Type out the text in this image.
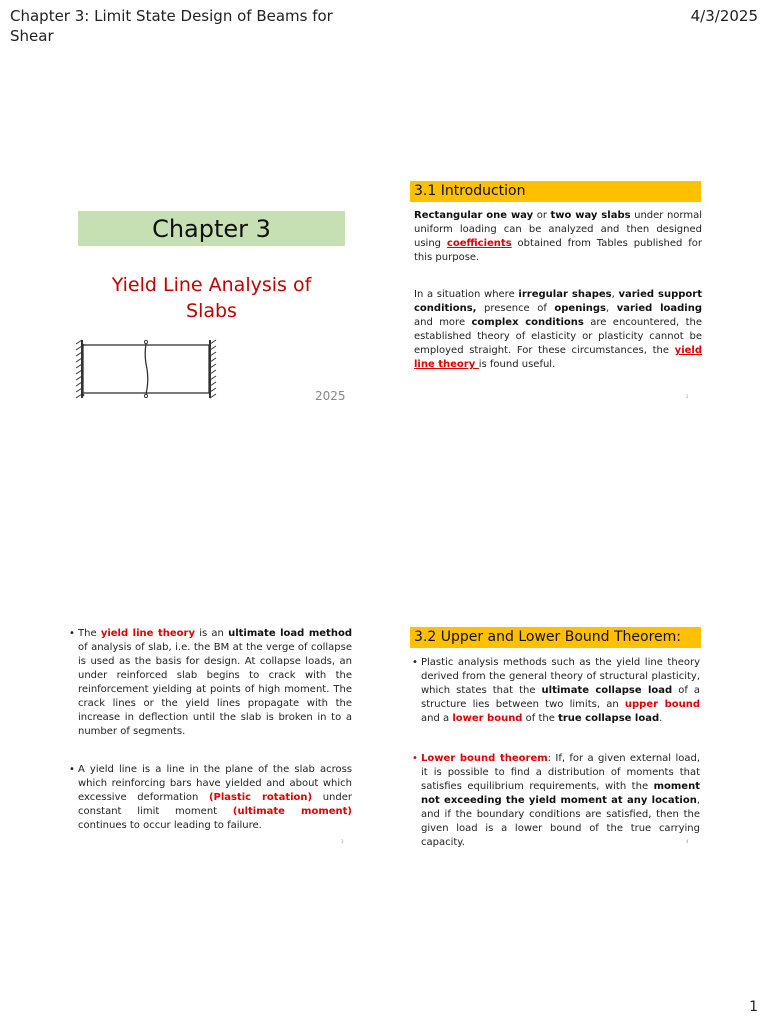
Chapter 3: Limit State Design of Beams for
Shear
4/3/2025
Chapter 3
Yield Line Analysis of
Slabs
2025
3.1 Introduction
Rectangular one way or two way slabs under normal uniform loading can be analyzed and then designed using coefficients obtained from Tables published for this purpose.
In a situation where irregular shapes, varied support conditions, presence of openings, varied loading and more complex conditions are encountered, the established theory of elasticity or plasticity cannot be employed straight. For these circumstances, the yield line theory is found useful.
2
• The yield line theory is an ultimate load method of analysis of slab, i.e. the BM at the verge of collapse is used as the basis for design. At collapse loads, an under reinforced slab begins to crack with the reinforcement yielding at points of high moment. The crack lines or the yield lines propagate with the increase in deflection until the slab is broken in to a number of segments.
• A yield line is a line in the plane of the slab across which reinforcing bars have yielded and about which excessive deformation (Plastic rotation) under constant limit moment (ultimate moment) continues to occur leading to failure.
3
3.2 Upper and Lower Bound Theorem:
• Plastic analysis methods such as the yield line theory derived from the general theory of structural plasticity, which states that the ultimate collapse load of a structure lies between two limits, an upper bound and a lower bound of the true collapse load.
• Lower bound theorem: If, for a given external load, it is possible to find a distribution of moments that satisfies equilibrium requirements, with the moment not exceeding the yield moment at any location, and if the boundary conditions are satisfied, then the given load is a lower bound of the true carrying capacity.	4
1
